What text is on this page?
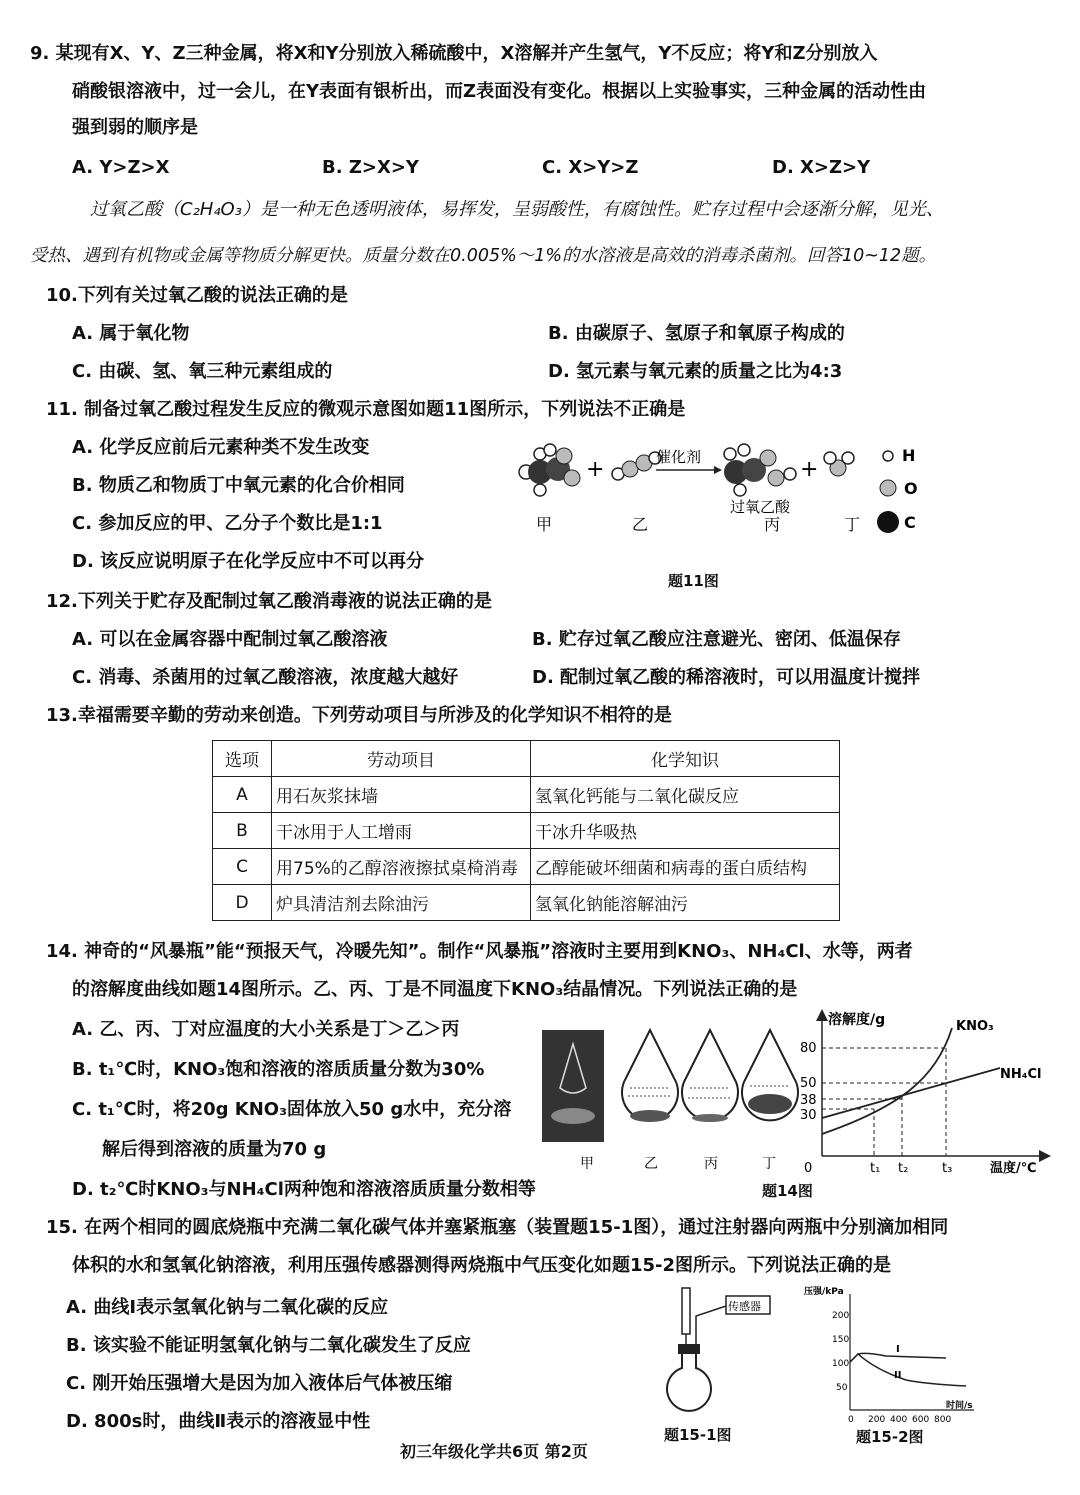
9. 某现有X、Y、Z三种金属，将X和Y分别放入稀硫酸中，X溶解并产生氢气，Y不反应；将Y和Z分别放入
硝酸银溶液中，过一会儿，在Y表面有银析出，而Z表面没有变化。根据以上实验事实，三种金属的活动性由
强到弱的顺序是
A. Y>Z>X	B. Z>X>Y	C. X>Y>Z	D. X>Z>Y
过氧乙酸（C₂H₄O₃）是一种无色透明液体，易挥发，呈弱酸性，有腐蚀性。贮存过程中会逐渐分解，见光、
受热、遇到有机物或金属等物质分解更快。质量分数在0.005%～1%的水溶液是高效的消毒杀菌剂。回答10~12题。
10.下列有关过氧乙酸的说法正确的是
A. 属于氧化物	B. 由碳原子、氢原子和氧原子构成的
C. 由碳、氢、氧三种元素组成的	D. 氢元素与氧元素的质量之比为4:3
11. 制备过氧乙酸过程发生反应的微观示意图如题11图所示，下列说法不正确是
A. 化学反应前后元素种类不发生改变
B. 物质乙和物质丁中氧元素的化合价相同
C. 参加反应的甲、乙分子个数比是1:1
D. 该反应说明原子在化学反应中不可以再分
+	催化剂	+
过氧乙酸
甲	乙	丙	丁
H
O
C
题11图
12.下列关于贮存及配制过氧乙酸消毒液的说法正确的是
A. 可以在金属容器中配制过氧乙酸溶液	B. 贮存过氧乙酸应注意避光、密闭、低温保存
C. 消毒、杀菌用的过氧乙酸溶液，浓度越大越好	D. 配制过氧乙酸的稀溶液时，可以用温度计搅拌
13.幸福需要辛勤的劳动来创造。下列劳动项目与所涉及的化学知识不相符的是
选项	劳动项目	化学知识
A	用石灰浆抹墙	氢氧化钙能与二氧化碳反应
B	干冰用于人工增雨	干冰升华吸热
C	用75%的乙醇溶液擦拭桌椅消毒	乙醇能破坏细菌和病毒的蛋白质结构
D	炉具清洁剂去除油污	氢氧化钠能溶解油污
14. 神奇的“风暴瓶”能“预报天气，冷暖先知”。制作“风暴瓶”溶液时主要用到KNO₃、NH₄Cl、水等，两者
的溶解度曲线如题14图所示。乙、丙、丁是不同温度下KNO₃结晶情况。下列说法正确的是
A. 乙、丙、丁对应温度的大小关系是丁＞乙＞丙
B. t₁℃时，KNO₃饱和溶液的溶质质量分数为30%
C. t₁℃时，将20g KNO₃固体放入50 g水中，充分溶
解后得到溶液的质量为70 g
D. t₂℃时KNO₃与NH₄Cl两种饱和溶液溶质质量分数相等
甲	乙	丙	丁
溶解度/g
温度/℃
0
80
50
38
30
KNO₃
NH₄Cl
t₁ t₂	t₃
题14图
15. 在两个相同的圆底烧瓶中充满二氧化碳气体并塞紧瓶塞（装置题15-1图），通过注射器向两瓶中分别滴加相同
体积的水和氢氧化钠溶液，利用压强传感器测得两烧瓶中气压变化如题15-2图所示。下列说法正确的是
A. 曲线Ⅰ表示氢氧化钠与二氧化碳的反应
B. 该实验不能证明氢氧化钠与二氧化碳发生了反应
C. 刚开始压强增大是因为加入液体后气体被压缩
D. 800s时，曲线Ⅱ表示的溶液显中性
传感器
题15-1图
压强/kPa
时间/s
200
150
100
50
0 200 400 600 800
I
II
题15-2图
初三年级化学共6页 第2页
